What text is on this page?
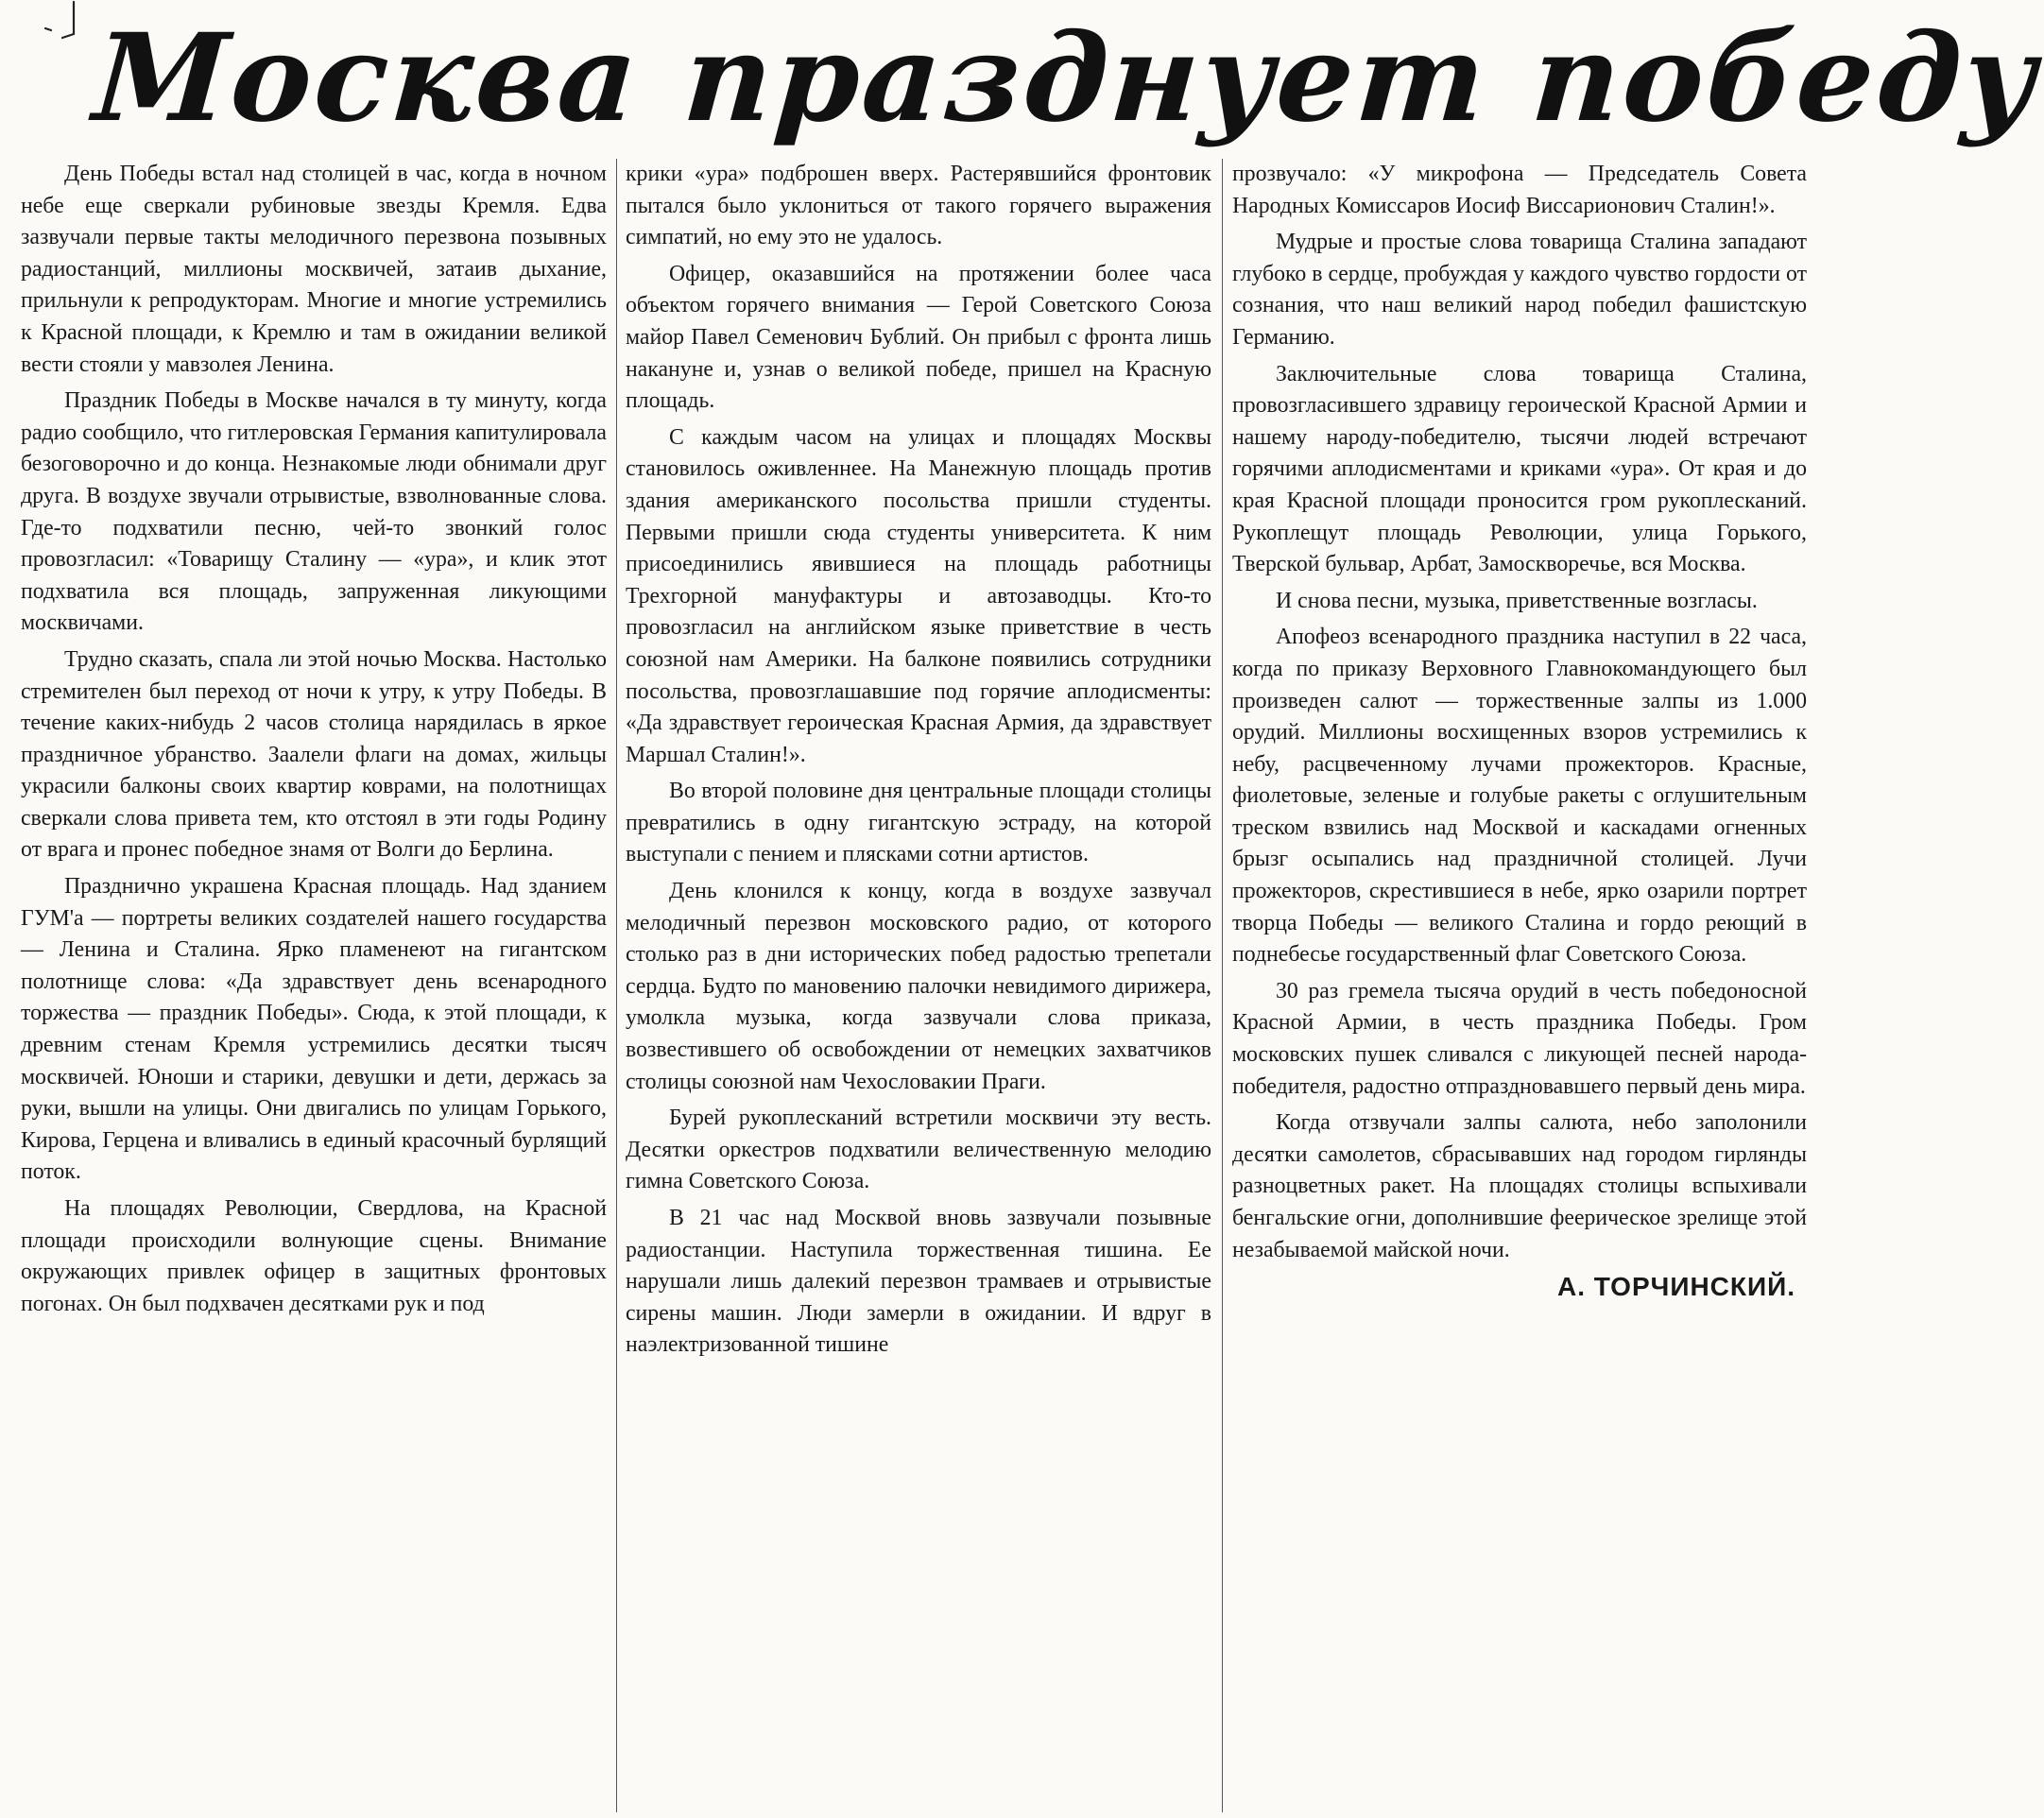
Москва празднует победу

День Победы встал над столицей в час, когда в ночном небе еще сверкали рубиновые звезды Кремля. Едва зазвучали первые такты мелодичного перезвона позывных радиостанций, миллионы москвичей, затаив дыхание, прильнули к репродукторам. Многие и многие устремились к Красной площади, к Кремлю и там в ожидании великой вести стояли у мавзолея Ленина.

Праздник Победы в Москве начался в ту минуту, когда радио сообщило, что гитлеровская Германия капитулировала безоговорочно и до конца. Незнакомые люди обнимали друг друга. В воздухе звучали отрывистые, взволнованные слова. Где-то подхватили песню, чей-то звонкий голос провозгласил: «Товарищу Сталину — «ура», и клик этот подхватила вся площадь, запруженная ликующими москвичами.

Трудно сказать, спала ли этой ночью Москва. Настолько стремителен был переход от ночи к утру, к утру Победы. В течение каких-нибудь 2 часов столица нарядилась в яркое праздничное убранство. Заалели флаги на домах, жильцы украсили балконы своих квартир коврами, на полотнищах сверкали слова привета тем, кто отстоял в эти годы Родину от врага и пронес победное знамя от Волги до Берлина.

Празднично украшена Красная площадь. Над зданием ГУМ'а — портреты великих создателей нашего государства — Ленина и Сталина. Ярко пламенеют на гигантском полотнище слова: «Да здравствует день всенародного торжества — праздник Победы». Сюда, к этой площади, к древним стенам Кремля устремились десятки тысяч москвичей. Юноши и старики, девушки и дети, держась за руки, вышли на улицы. Они двигались по улицам Горького, Кирова, Герцена и вливались в единый красочный бурлящий поток.

На площадях Революции, Свердлова, на Красной площади происходили волнующие сцены. Внимание окружающих привлек офицер в защитных фронтовых погонах. Он был подхвачен десятками рук и под

крики «ура» подброшен вверх. Растерявшийся фронтовик пытался было уклониться от такого горячего выражения симпатий, но ему это не удалось.

Офицер, оказавшийся на протяжении более часа объектом горячего внимания — Герой Советского Союза майор Павел Семенович Бублий. Он прибыл с фронта лишь накануне и, узнав о великой победе, пришел на Красную площадь.

С каждым часом на улицах и площадях Москвы становилось оживленнее. На Манежную площадь против здания американского посольства пришли студенты. Первыми пришли сюда студенты университета. К ним присоединились явившиеся на площадь работницы Трехгорной мануфактуры и автозаводцы. Кто-то провозгласил на английском языке приветствие в честь союзной нам Америки. На балконе появились сотрудники посольства, провозглашавшие под горячие аплодисменты: «Да здравствует героическая Красная Армия, да здравствует Маршал Сталин!».

Во второй половине дня центральные площади столицы превратились в одну гигантскую эстраду, на которой выступали с пением и плясками сотни артистов.

День клонился к концу, когда в воздухе зазвучал мелодичный перезвон московского радио, от которого столько раз в дни исторических побед радостью трепетали сердца. Будто по мановению палочки невидимого дирижера, умолкла музыка, когда зазвучали слова приказа, возвестившего об освобождении от немецких захватчиков столицы союзной нам Чехословакии Праги.

Бурей рукоплесканий встретили москвичи эту весть. Десятки оркестров подхватили величественную мелодию гимна Советского Союза.

В 21 час над Москвой вновь зазвучали позывные радиостанции. Наступила торжественная тишина. Ее нарушали лишь далекий перезвон трамваев и отрывистые сирены машин. Люди замерли в ожидании. И вдруг в наэлектризованной тишине

прозвучало: «У микрофона — Председатель Совета Народных Комиссаров Иосиф Виссарионович Сталин!».

Мудрые и простые слова товарища Сталина западают глубоко в сердце, пробуждая у каждого чувство гордости от сознания, что наш великий народ победил фашистскую Германию.

Заключительные слова товарища Сталина, провозгласившего здравицу героической Красной Армии и нашему народу-победителю, тысячи людей встречают горячими аплодисментами и криками «ура». От края и до края Красной площади проносится гром рукоплесканий. Рукоплещут площадь Революции, улица Горького, Тверской бульвар, Арбат, Замоскворечье, вся Москва.

И снова песни, музыка, приветственные возгласы.

Апофеоз всенародного праздника наступил в 22 часа, когда по приказу Верховного Главнокомандующего был произведен салют — торжественные залпы из 1.000 орудий. Миллионы восхищенных взоров устремились к небу, расцвеченному лучами прожекторов. Красные, фиолетовые, зеленые и голубые ракеты с оглушительным треском взвились над Москвой и каскадами огненных брызг осыпались над праздничной столицей. Лучи прожекторов, скрестившиеся в небе, ярко озарили портрет творца Победы — великого Сталина и гордо реющий в поднебесье государственный флаг Советского Союза.

30 раз гремела тысяча орудий в честь победоносной Красной Армии, в честь праздника Победы. Гром московских пушек сливался с ликующей песней народа-победителя, радостно отпраздновавшего первый день мира.

Когда отзвучали залпы салюта, небо заполонили десятки самолетов, сбрасывавших над городом гирлянды разноцветных ракет. На площадях столицы вспыхивали бенгальские огни, дополнившие феерическое зрелище этой незабываемой майской ночи.

А. ТОРЧИНСКИЙ.
